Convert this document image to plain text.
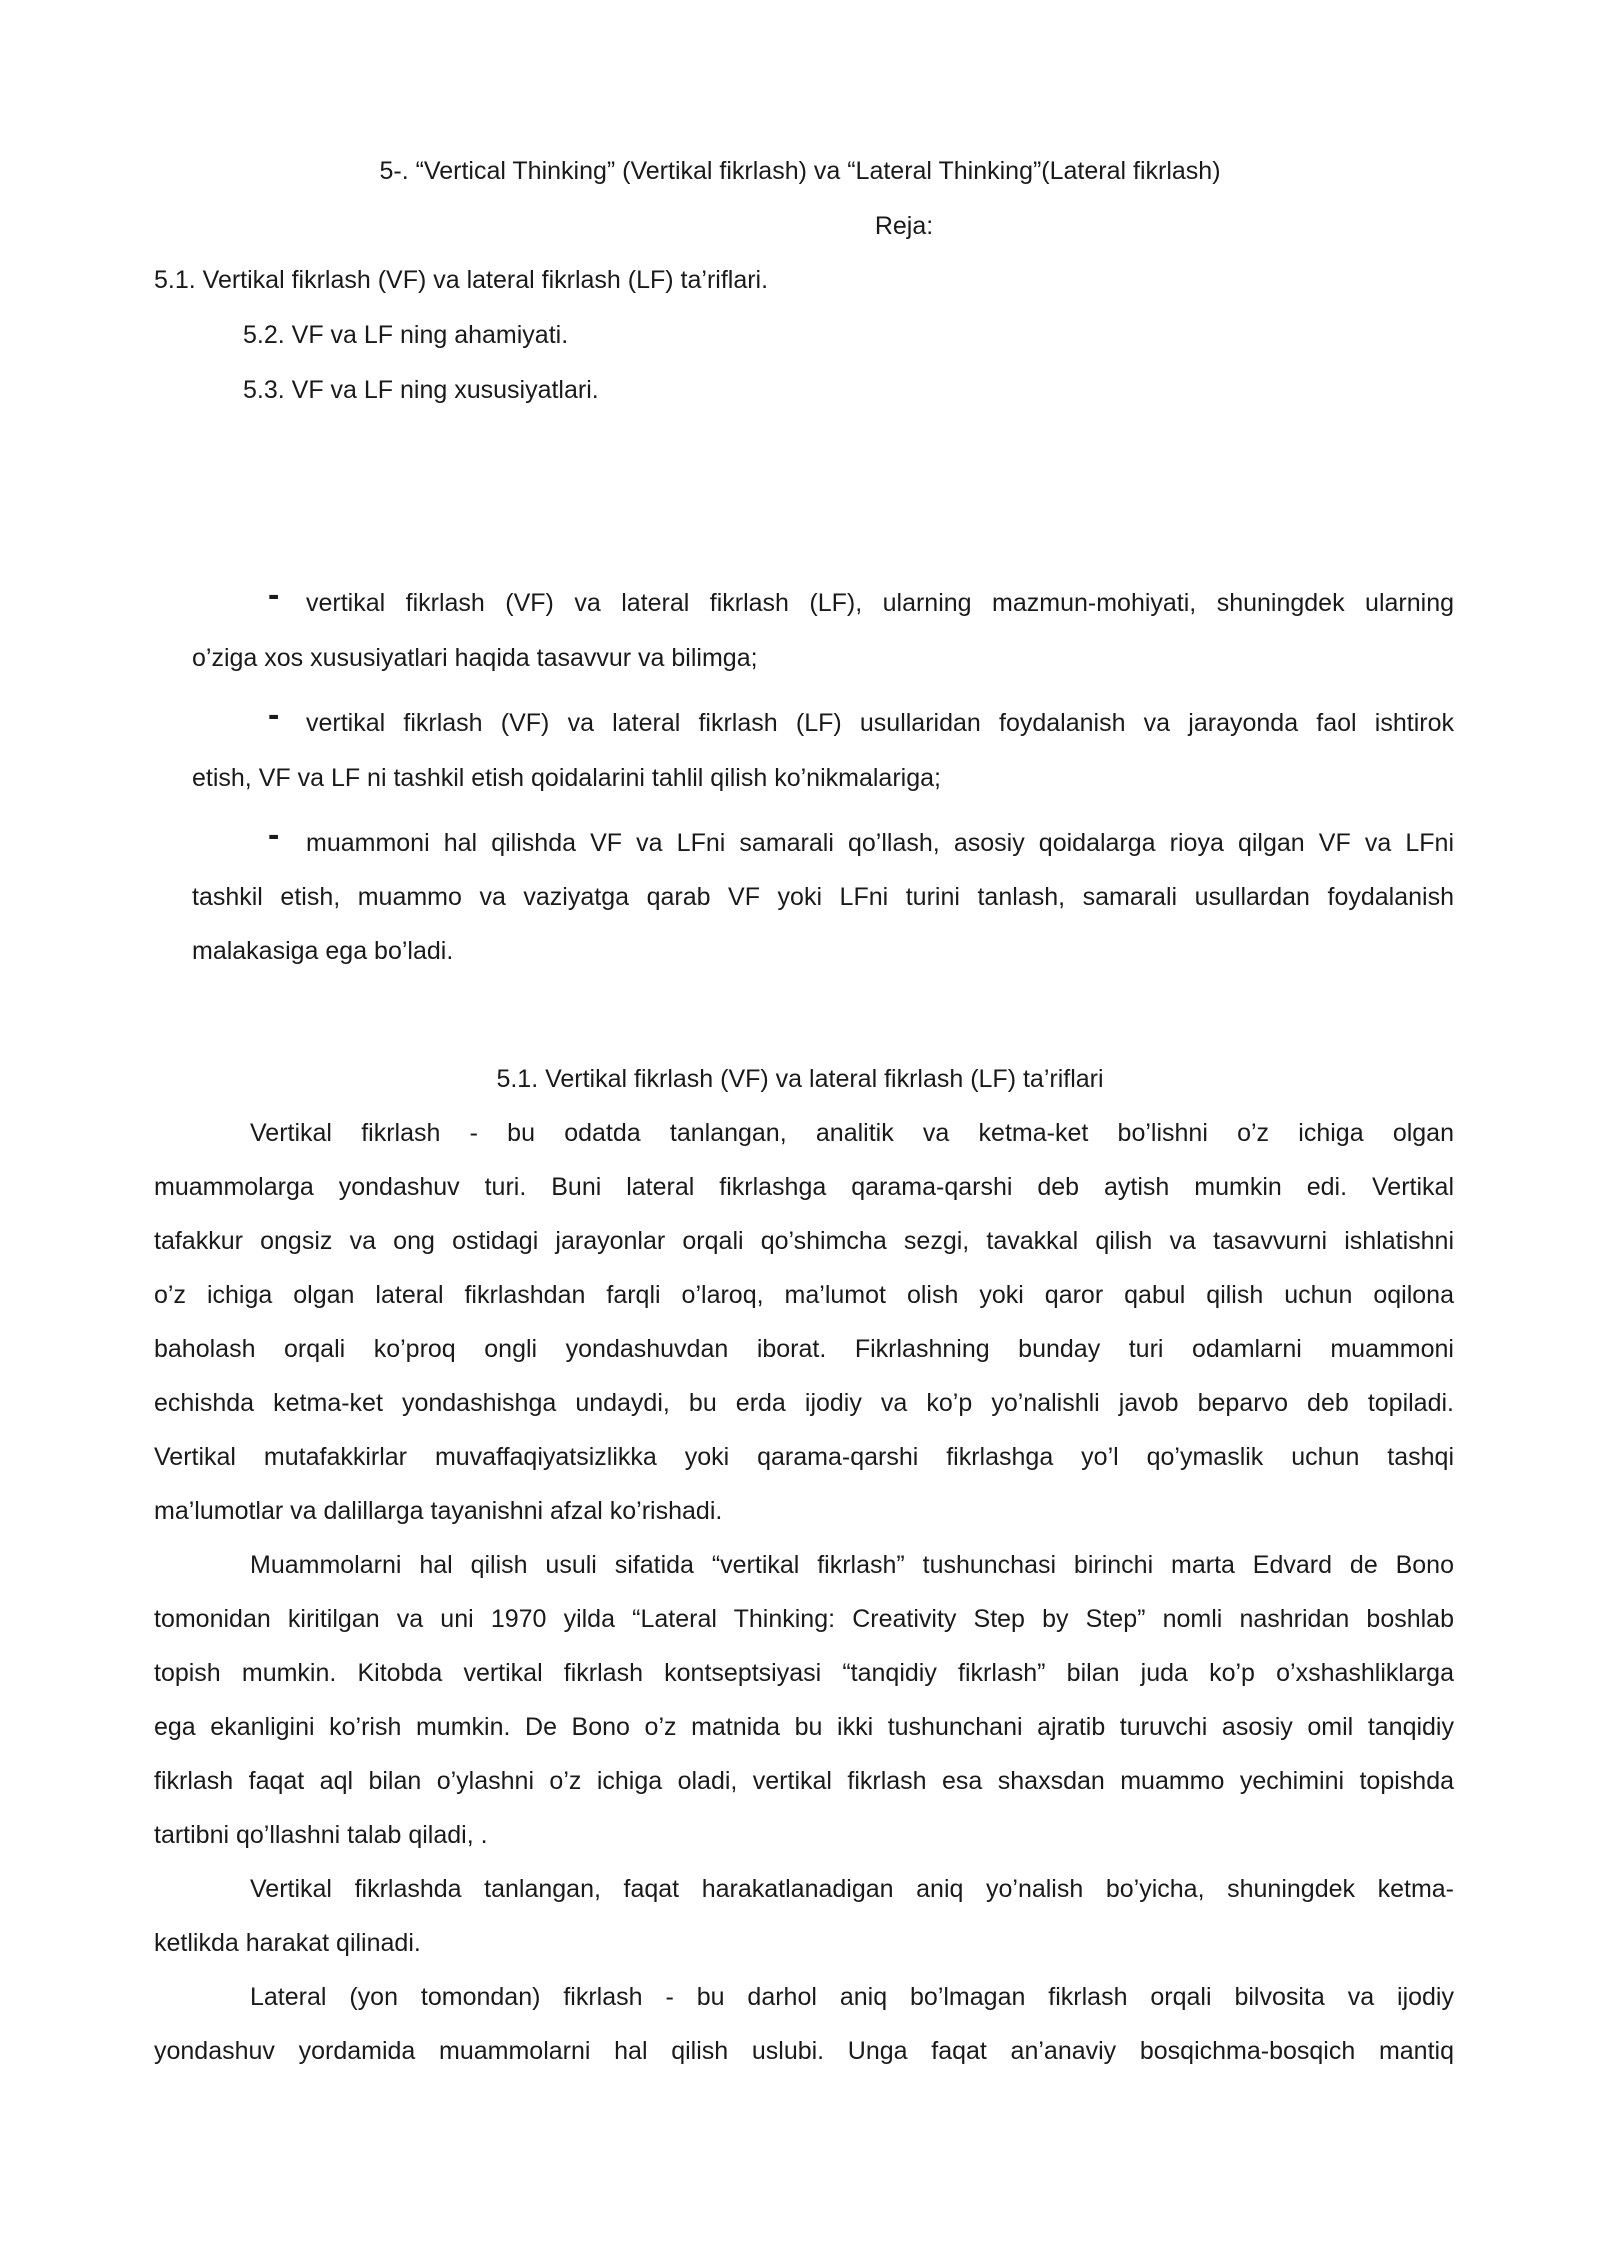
5-. “Vertical Thinking” (Vertikal fikrlash) va “Lateral Thinking”(Lateral fikrlash)

Reja:

5.1. Vertikal fikrlash (VF) va lateral fikrlash (LF) ta’riflari.

5.2. VF va LF ning ahamiyati.

5.3. VF va LF ning xususiyatlari.

- vertikal fikrlash (VF) va lateral fikrlash (LF), ularning mazmun-mohiyati, shuningdek ularning

o’ziga xos xususiyatlari haqida tasavvur va bilimga;

- vertikal fikrlash (VF) va lateral fikrlash (LF) usullaridan foydalanish va jarayonda faol ishtirok

etish, VF va LF ni tashkil etish qoidalarini tahlil qilish ko’nikmalariga;

- muammoni hal qilishda VF va LFni samarali qo’llash, asosiy qoidalarga rioya qilgan VF va LFni

tashkil etish, muammo va vaziyatga qarab VF yoki LFni turini tanlash, samarali usullardan foydalanish

malakasiga ega bo’ladi.

5.1. Vertikal fikrlash (VF) va lateral fikrlash (LF) ta’riflari

Vertikal fikrlash - bu odatda tanlangan, analitik va ketma-ket bo’lishni o’z ichiga olgan

muammolarga yondashuv turi. Buni lateral fikrlashga qarama-qarshi deb aytish mumkin edi. Vertikal

tafakkur ongsiz va ong ostidagi jarayonlar orqali qo’shimcha sezgi, tavakkal qilish va tasavvurni ishlatishni

o’z ichiga olgan lateral fikrlashdan farqli o’laroq, ma’lumot olish yoki qaror qabul qilish uchun oqilona

baholash orqali ko’proq ongli yondashuvdan iborat. Fikrlashning bunday turi odamlarni muammoni

echishda ketma-ket yondashishga undaydi, bu erda ijodiy va ko’p yo’nalishli javob beparvo deb topiladi.

Vertikal mutafakkirlar muvaffaqiyatsizlikka yoki qarama-qarshi fikrlashga yo’l qo’ymaslik uchun tashqi

ma’lumotlar va dalillarga tayanishni afzal ko’rishadi.

Muammolarni hal qilish usuli sifatida “vertikal fikrlash” tushunchasi birinchi marta Edvard de Bono

tomonidan kiritilgan va uni 1970 yilda “Lateral Thinking: Creativity Step by Step” nomli nashridan boshlab

topish mumkin. Kitobda vertikal fikrlash kontseptsiyasi “tanqidiy fikrlash” bilan juda ko’p o’xshashliklarga

ega ekanligini ko’rish mumkin. De Bono o’z matnida bu ikki tushunchani ajratib turuvchi asosiy omil tanqidiy

fikrlash faqat aql bilan o’ylashni o’z ichiga oladi, vertikal fikrlash esa shaxsdan muammo yechimini topishda

tartibni qo’llashni talab qiladi, .

Vertikal fikrlashda tanlangan, faqat harakatlanadigan aniq yo’nalish bo’yicha, shuningdek ketma-

ketlikda harakat qilinadi.

Lateral (yon tomondan) fikrlash - bu darhol aniq bo’lmagan fikrlash orqali bilvosita va ijodiy

yondashuv yordamida muammolarni hal qilish uslubi. Unga faqat an’anaviy bosqichma-bosqich mantiq
